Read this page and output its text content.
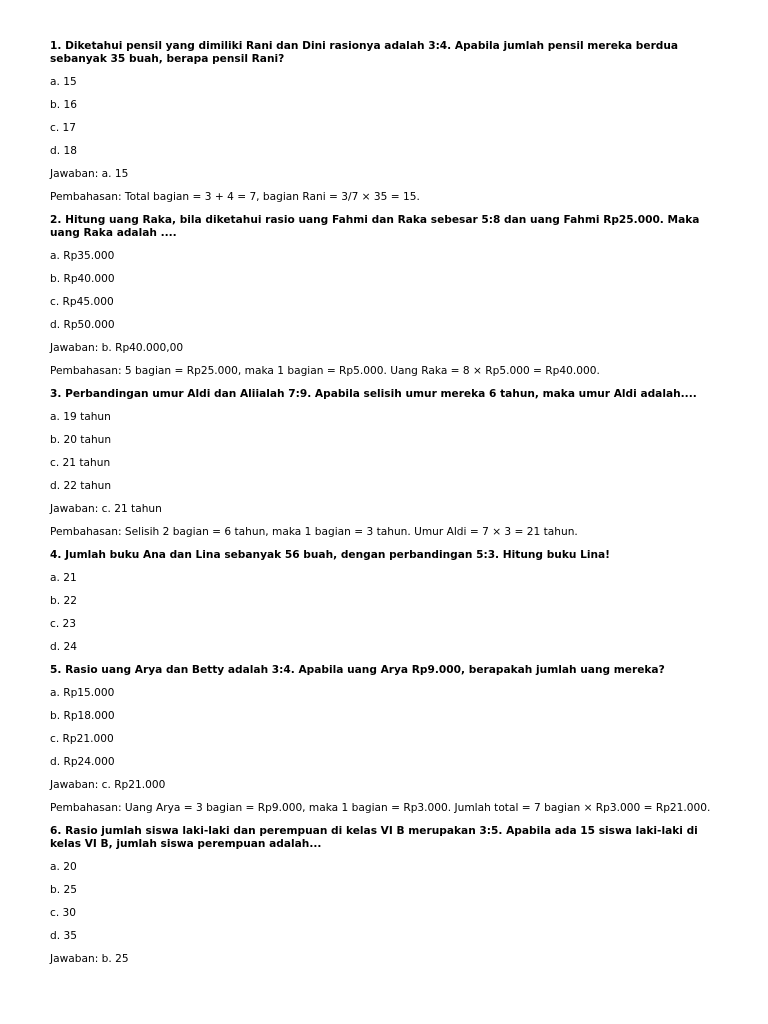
1. Diketahui pensil yang dimiliki Rani dan Dini rasionya adalah 3:4. Apabila jumlah pensil mereka berdua sebanyak 35 buah, berapa pensil Rani?

a. 15

b. 16

c. 17

d. 18

Jawaban: a. 15

Pembahasan: Total bagian = 3 + 4 = 7, bagian Rani = 3/7 × 35 = 15.

2. Hitung uang Raka, bila diketahui rasio uang Fahmi dan Raka sebesar 5:8 dan uang Fahmi Rp25.000. Maka uang Raka adalah ....

a. Rp35.000

b. Rp40.000

c. Rp45.000

d. Rp50.000

Jawaban: b. Rp40.000,00

Pembahasan: 5 bagian = Rp25.000, maka 1 bagian = Rp5.000. Uang Raka = 8 × Rp5.000 = Rp40.000.

3. Perbandingan umur Aldi dan Aliialah 7:9. Apabila selisih umur mereka 6 tahun, maka umur Aldi adalah....

a. 19 tahun

b. 20 tahun

c. 21 tahun

d. 22 tahun

Jawaban: c. 21 tahun

Pembahasan: Selisih 2 bagian = 6 tahun, maka 1 bagian = 3 tahun. Umur Aldi = 7 × 3 = 21 tahun.

4. Jumlah buku Ana dan Lina sebanyak 56 buah, dengan perbandingan 5:3. Hitung buku Lina!

a. 21

b. 22

c. 23

d. 24

5. Rasio uang Arya dan Betty adalah 3:4. Apabila uang Arya Rp9.000, berapakah jumlah uang mereka?

a. Rp15.000

b. Rp18.000

c. Rp21.000

d. Rp24.000

Jawaban: c. Rp21.000

Pembahasan: Uang Arya = 3 bagian = Rp9.000, maka 1 bagian = Rp3.000. Jumlah total = 7 bagian × Rp3.000 = Rp21.000.

6. Rasio jumlah siswa laki-laki dan perempuan di kelas VI B merupakan 3:5. Apabila ada 15 siswa laki-laki di kelas VI B, jumlah siswa perempuan adalah...

a. 20

b. 25

c. 30

d. 35

Jawaban: b. 25
